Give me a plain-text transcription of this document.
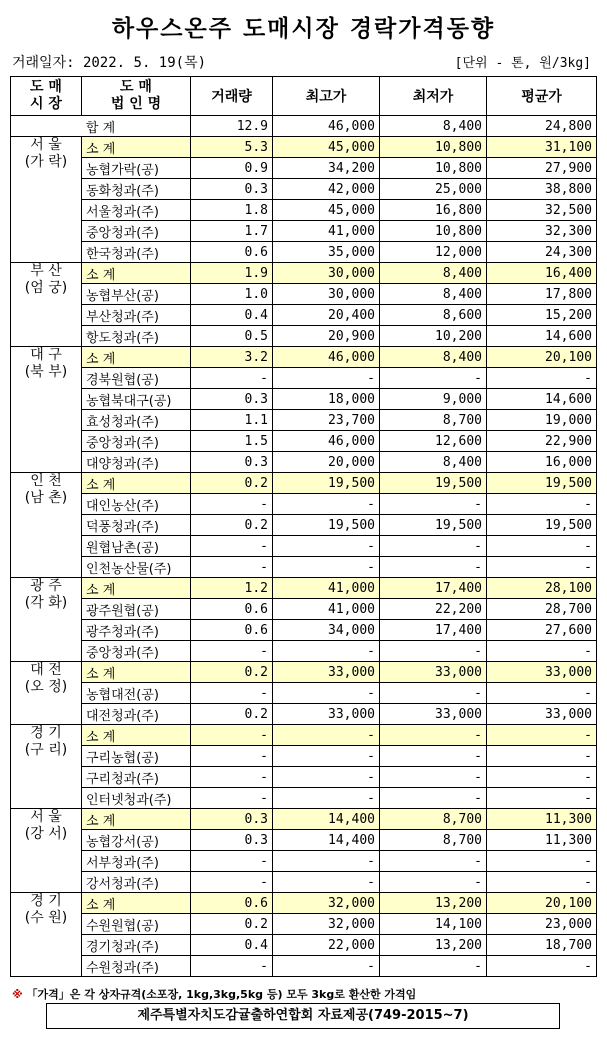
하우스온주 도매시장 경락가격동향
거래일자: 2022. 5. 19(목)	[단위 - 톤, 원/3kg]
도 매
시 장	도 매
법 인 명	거래량	최고가	최저가	평균가
합 계		12.9	46,000	8,400	24,800
서 울
(가 락)	소 계	5.3	45,000	10,800	31,100
	농협가락(공)	0.9	34,200	10,800	27,900
	동화청과(주)	0.3	42,000	25,000	38,800
	서울청과(주)	1.8	45,000	16,800	32,500
	중앙청과(주)	1.7	41,000	10,800	32,300
	한국청과(주)	0.6	35,000	12,000	24,300
부 산
(엄 궁)	소 계	1.9	30,000	8,400	16,400
	농협부산(공)	1.0	30,000	8,400	17,800
	부산청과(주)	0.4	20,400	8,600	15,200
	항도청과(주)	0.5	20,900	10,200	14,600
대 구
(북 부)	소 계	3.2	46,000	8,400	20,100
	경북원협(공)	-	-	-	-
	농협북대구(공)	0.3	18,000	9,000	14,600
	효성청과(주)	1.1	23,700	8,700	19,000
	중앙청과(주)	1.5	46,000	12,600	22,900
	대양청과(주)	0.3	20,000	8,400	16,000
인 천
(남 촌)	소 계	0.2	19,500	19,500	19,500
	대인농산(주)	-	-	-	-
	덕풍청과(주)	0.2	19,500	19,500	19,500
	원협남촌(공)	-	-	-	-
	인천농산물(주)	-	-	-	-
광 주
(각 화)	소 계	1.2	41,000	17,400	28,100
	광주원협(공)	0.6	41,000	22,200	28,700
	광주청과(주)	0.6	34,000	17,400	27,600
	중앙청과(주)	-	-	-	-
대 전
(오 정)	소 계	0.2	33,000	33,000	33,000
	농협대전(공)	-	-	-	-
	대전청과(주)	0.2	33,000	33,000	33,000
경 기
(구 리)	소 계	-	-	-	-
	구리농협(공)	-	-	-	-
	구리청과(주)	-	-	-	-
	인터넷청과(주)	-	-	-	-
서 울
(강 서)	소 계	0.3	14,400	8,700	11,300
	농협강서(공)	0.3	14,400	8,700	11,300
	서부청과(주)	-	-	-	-
	강서청과(주)	-	-	-	-
경 기
(수 원)	소 계	0.6	32,000	13,200	20,100
	수원원협(공)	0.2	32,000	14,100	23,000
	경기청과(주)	0.4	22,000	13,200	18,700
	수원청과(주)	-	-	-	-
※ 「가격」은 각 상자규격(소포장, 1kg,3kg,5kg 등) 모두 3kg로 환산한 가격임
제주특별자치도감귤출하연합회 자료제공(749-2015~7)
